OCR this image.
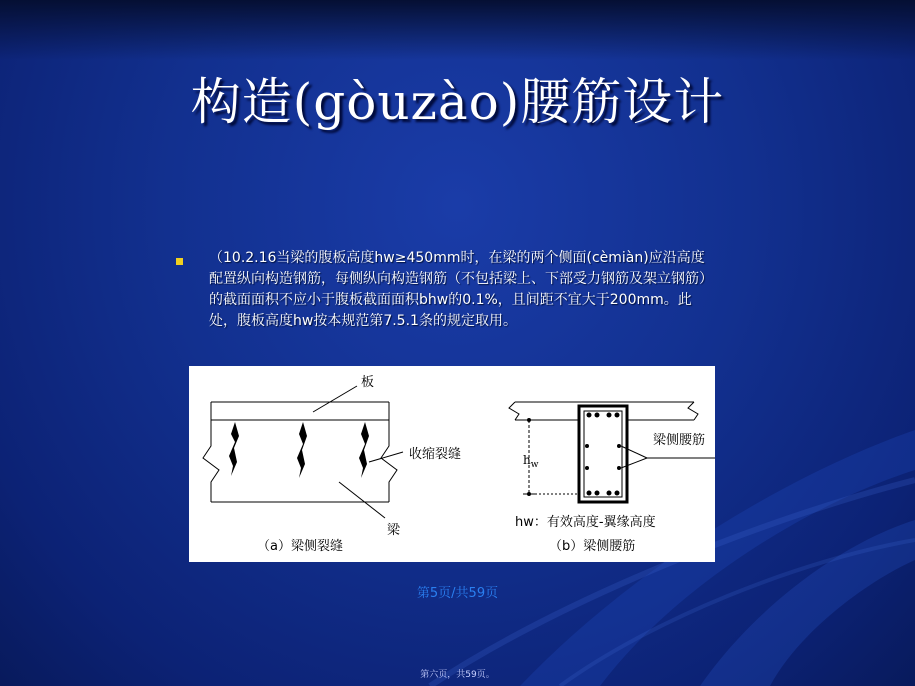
构造(gòuzào)腰筋设计
（10.2.16当梁的腹板高度hw≥450mm时，在梁的两个侧面(cèmiàn)应沿高度配置纵向构造钢筋，每侧纵向构造钢筋（不包括梁上、下部受力钢筋及架立钢筋）的截面面积不应小于腹板截面面积bhw的0.1%，且间距不宜大于200mm。此处，腹板高度hw按本规范第7.5.1条的规定取用。
板
收缩裂缝
梁
（a）梁侧裂缝
$h_w$
梁侧腰筋
hw：有效高度-翼缘高度
（b）梁侧腰筋
第5页/共59页
第六页，共59页。
